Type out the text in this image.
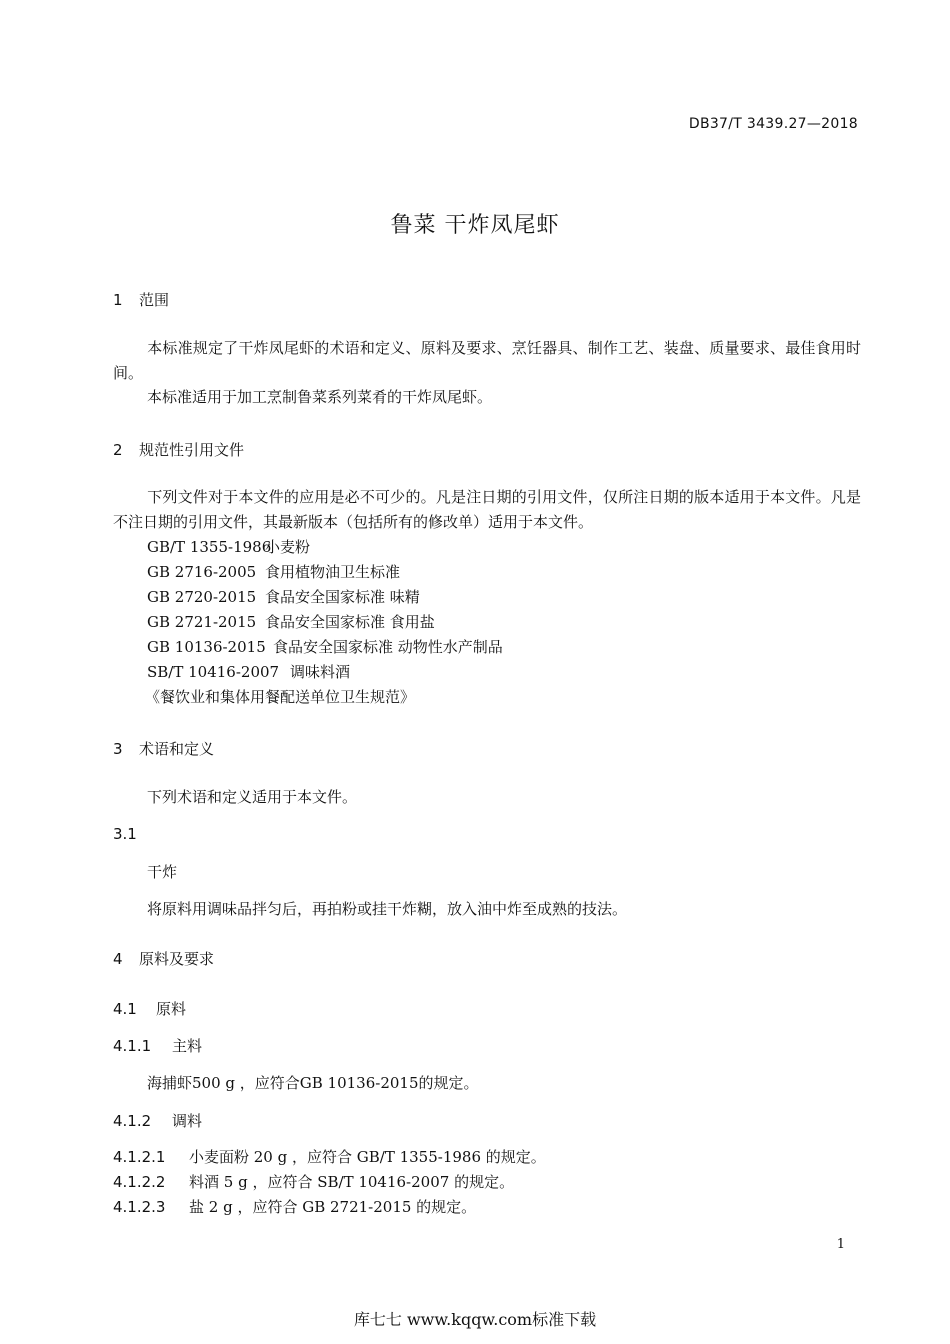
DB37/T 3439.27—2018
鲁菜 干炸凤尾虾
1 范围
本标准规定了干炸凤尾虾的术语和定义、原料及要求、烹饪器具、制作工艺、装盘、质量要求、最佳食用时间。
本标准适用于加工烹制鲁菜系列菜肴的干炸凤尾虾。
2 规范性引用文件
下列文件对于本文件的应用是必不可少的。凡是注日期的引用文件，仅所注日期的版本适用于本文件。凡是不注日期的引用文件，其最新版本（包括所有的修改单）适用于本文件。
GB/T 1355-1986小麦粉
GB 2716-2005 食用植物油卫生标准
GB 2720-2015 食品安全国家标准 味精
GB 2721-2015 食品安全国家标准 食用盐
GB 10136-2015 食品安全国家标准 动物性水产制品
SB/T 10416-2007 调味料酒
《餐饮业和集体用餐配送单位卫生规范》
3 术语和定义
下列术语和定义适用于本文件。
3.1
干炸
将原料用调味品拌匀后，再拍粉或挂干炸糊，放入油中炸至成熟的技法。
4 原料及要求
4.1 原料
4.1.1 主料
海捕虾500 g ，应符合GB 10136-2015的规定。
4.1.2 调料
4.1.2.1 小麦面粉 20 g ，应符合 GB/T 1355-1986 的规定。
4.1.2.2 料酒 5 g ，应符合 SB/T 10416-2007 的规定。
4.1.2.3 盐 2 g ，应符合 GB 2721-2015 的规定。
1
库七七 www.kqqw.com标准下载
